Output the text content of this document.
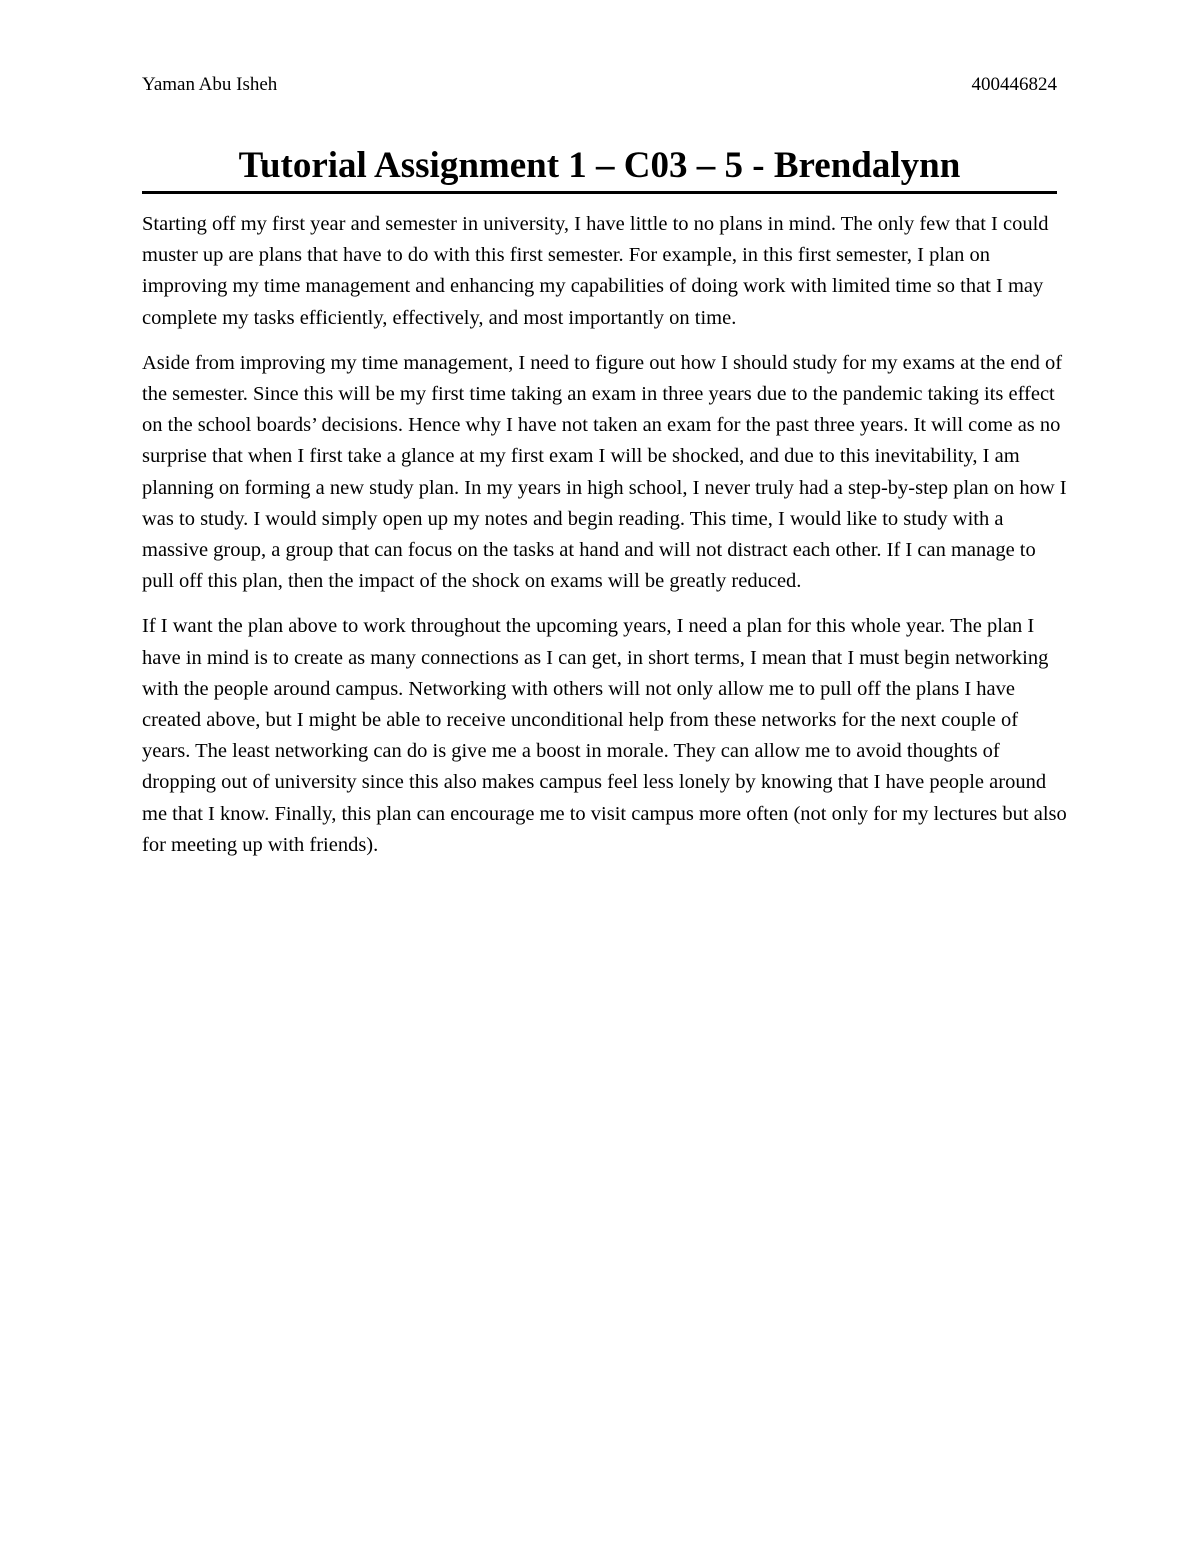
Yaman Abu Isheh	400446824
Tutorial Assignment 1 – C03 – 5 - Brendalynn

Starting off my first year and semester in university, I have little to no plans in mind. The only few that I could muster up are plans that have to do with this first semester. For example, in this first semester, I plan on improving my time management and enhancing my capabilities of doing work with limited time so that I may complete my tasks efficiently, effectively, and most importantly on time.

Aside from improving my time management, I need to figure out how I should study for my exams at the end of the semester. Since this will be my first time taking an exam in three years due to the pandemic taking its effect on the school boards’ decisions. Hence why I have not taken an exam for the past three years. It will come as no surprise that when I first take a glance at my first exam I will be shocked, and due to this inevitability, I am planning on forming a new study plan. In my years in high school, I never truly had a step-by-step plan on how I was to study. I would simply open up my notes and begin reading. This time, I would like to study with a massive group, a group that can focus on the tasks at hand and will not distract each other. If I can manage to pull off this plan, then the impact of the shock on exams will be greatly reduced.

If I want the plan above to work throughout the upcoming years, I need a plan for this whole year. The plan I have in mind is to create as many connections as I can get, in short terms, I mean that I must begin networking with the people around campus. Networking with others will not only allow me to pull off the plans I have created above, but I might be able to receive unconditional help from these networks for the next couple of years. The least networking can do is give me a boost in morale. They can allow me to avoid thoughts of dropping out of university since this also makes campus feel less lonely by knowing that I have people around me that I know. Finally, this plan can encourage me to visit campus more often (not only for my lectures but also for meeting up with friends).
